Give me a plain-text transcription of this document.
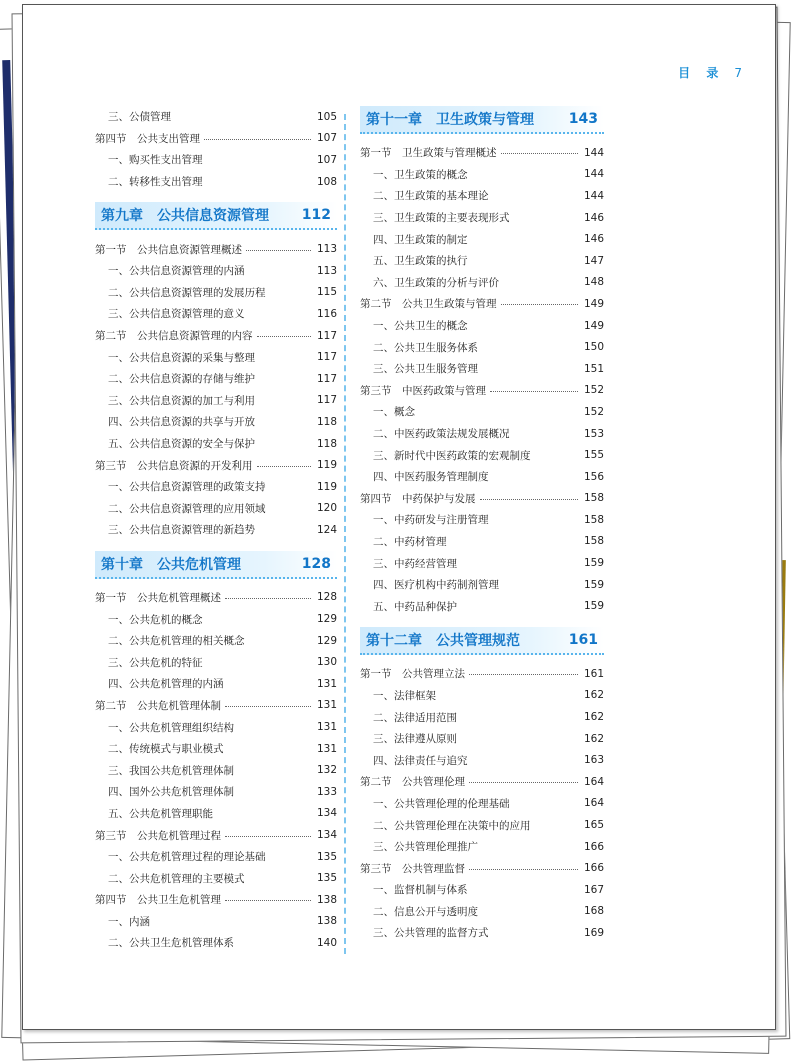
目 录 7
三、公债管理	105
第四节　公共支出管理	107
一、购买性支出管理	107
二、转移性支出管理	108
第九章　公共信息资源管理 112
第一节　公共信息资源管理概述	113
一、公共信息资源管理的内涵	113
二、公共信息资源管理的发展历程	115
三、公共信息资源管理的意义	116
第二节　公共信息资源管理的内容	117
一、公共信息资源的采集与整理	117
二、公共信息资源的存储与维护	117
三、公共信息资源的加工与利用	117
四、公共信息资源的共享与开放	118
五、公共信息资源的安全与保护	118
第三节　公共信息资源的开发利用	119
一、公共信息资源管理的政策支持	119
二、公共信息资源管理的应用领域	120
三、公共信息资源管理的新趋势	124
第十章　公共危机管理	128
第一节　公共危机管理概述	128
一、公共危机的概念	129
二、公共危机管理的相关概念	129
三、公共危机的特征	130
四、公共危机管理的内涵	131
第二节　公共危机管理体制	131
一、公共危机管理组织结构	131
二、传统模式与职业模式	131
三、我国公共危机管理体制	132
四、国外公共危机管理体制	133
五、公共危机管理职能	134
第三节　公共危机管理过程	134
一、公共危机管理过程的理论基础	135
二、公共危机管理的主要模式	135
第四节　公共卫生危机管理	138
一、内涵	138
二、公共卫生危机管理体系	140
第十一章　卫生政策与管理 143
第一节　卫生政策与管理概述	144
一、卫生政策的概念	144
二、卫生政策的基本理论	144
三、卫生政策的主要表现形式	146
四、卫生政策的制定	146
五、卫生政策的执行	147
六、卫生政策的分析与评价	148
第二节　公共卫生政策与管理	149
一、公共卫生的概念	149
二、公共卫生服务体系	150
三、公共卫生服务管理	151
第三节　中医药政策与管理	152
一、概念	152
二、中医药政策法规发展概况	153
三、新时代中医药政策的宏观制度	155
四、中医药服务管理制度	156
第四节　中药保护与发展	158
一、中药研发与注册管理	158
二、中药材管理	158
三、中药经营管理	159
四、医疗机构中药制剂管理	159
五、中药品种保护	159
第十二章　公共管理规范	161
第一节　公共管理立法	161
一、法律框架	162
二、法律适用范围	162
三、法律遵从原则	162
四、法律责任与追究	163
第二节　公共管理伦理	164
一、公共管理伦理的伦理基础	164
二、公共管理伦理在决策中的应用	165
三、公共管理伦理推广	166
第三节　公共管理监督	166
一、监督机制与体系	167
二、信息公开与透明度	168
三、公共管理的监督方式	169
